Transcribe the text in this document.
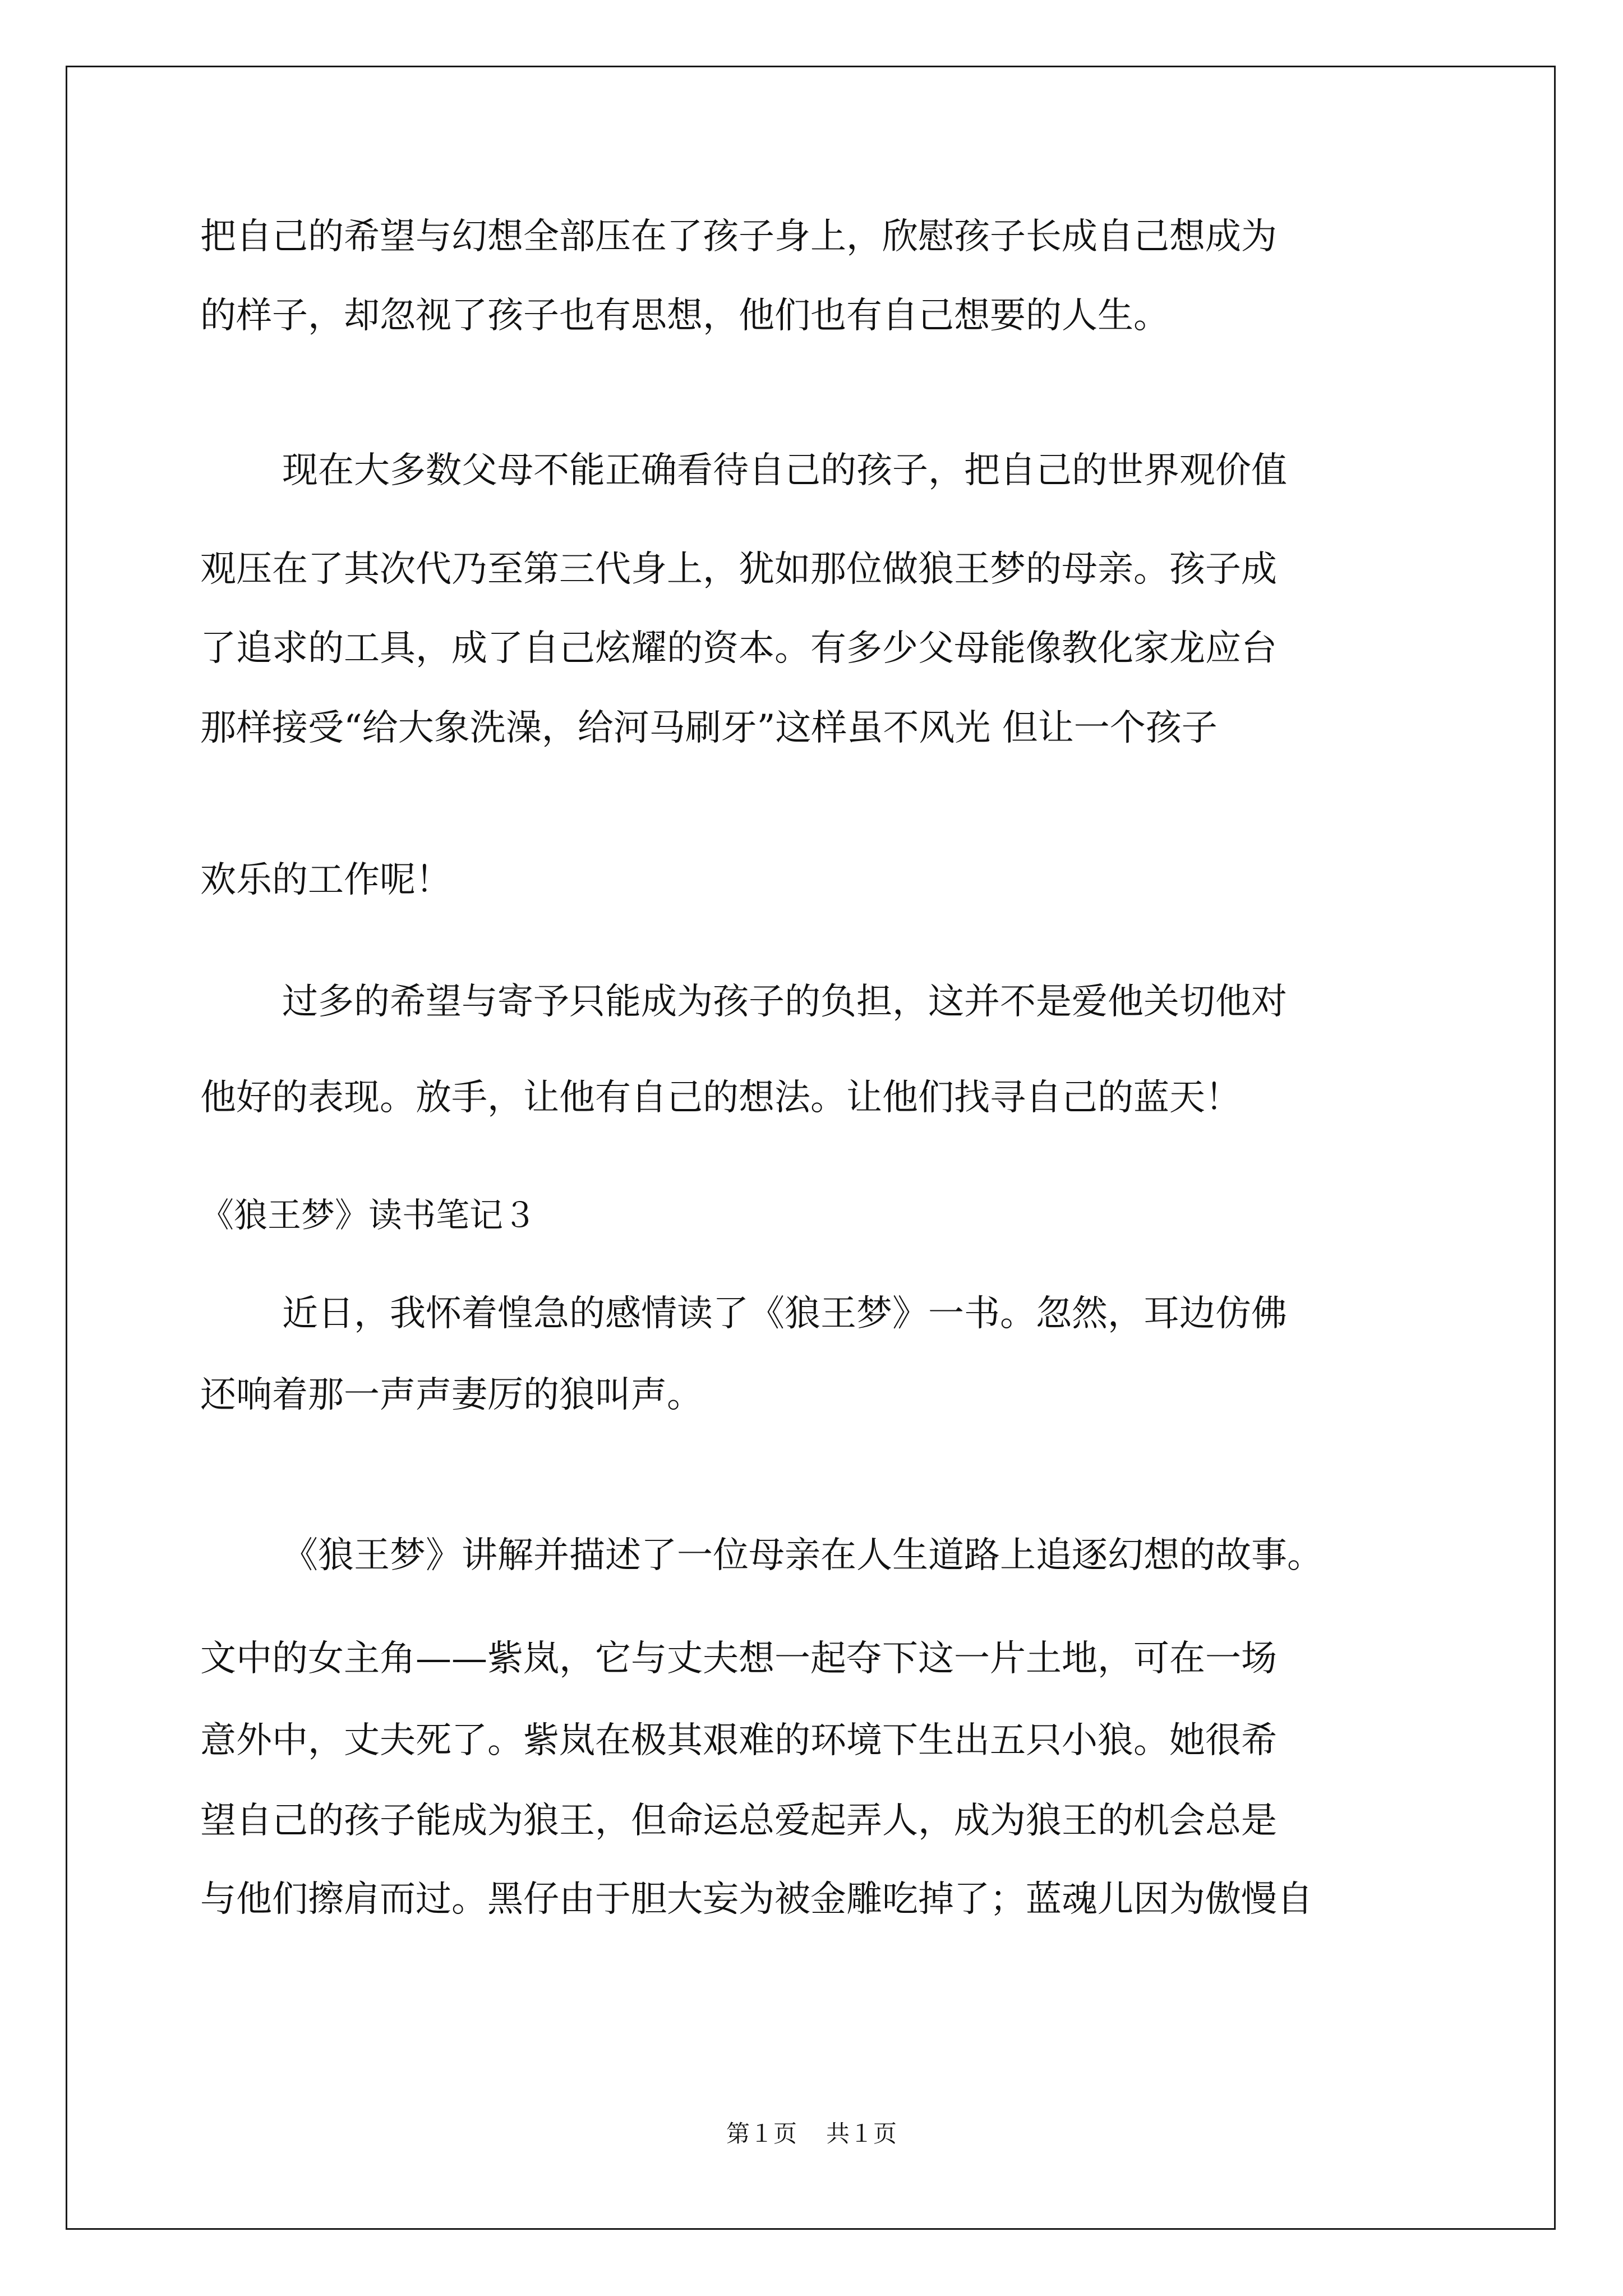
把自己的希望与幻想全部压在了孩子身上，欣慰孩子长成自己想成为
的样子，却忽视了孩子也有思想，他们也有自己想要的人生。
现在大多数父母不能正确看待自己的孩子，把自己的世界观价值
观压在了其次代乃至第三代身上，犹如那位做狼王梦的母亲。孩子成
了追求的工具，成了自己炫耀的资本。有多少父母能像教化家龙应台
那样接受“给大象洗澡，给河马刷牙”这样虽不风光 但让一个孩子
欢乐的工作呢！
过多的希望与寄予只能成为孩子的负担，这并不是爱他关切他对
他好的表现。放手，让他有自己的想法。让他们找寻自己的蓝天！
《狼王梦》读书笔记３
近日，我怀着惶急的感情读了《狼王梦》一书。忽然，耳边仿佛
还响着那一声声妻厉的狼叫声。
《狼王梦》讲解并描述了一位母亲在人生道路上追逐幻想的故事。
文中的女主角——紫岚，它与丈夫想一起夺下这一片土地，可在一场
意外中，丈夫死了。紫岚在极其艰难的环境下生出五只小狼。她很希
望自己的孩子能成为狼王，但命运总爱起弄人，成为狼王的机会总是
与他们擦肩而过。黑仔由于胆大妄为被金雕吃掉了；蓝魂儿因为傲慢自
第１页 共１页
